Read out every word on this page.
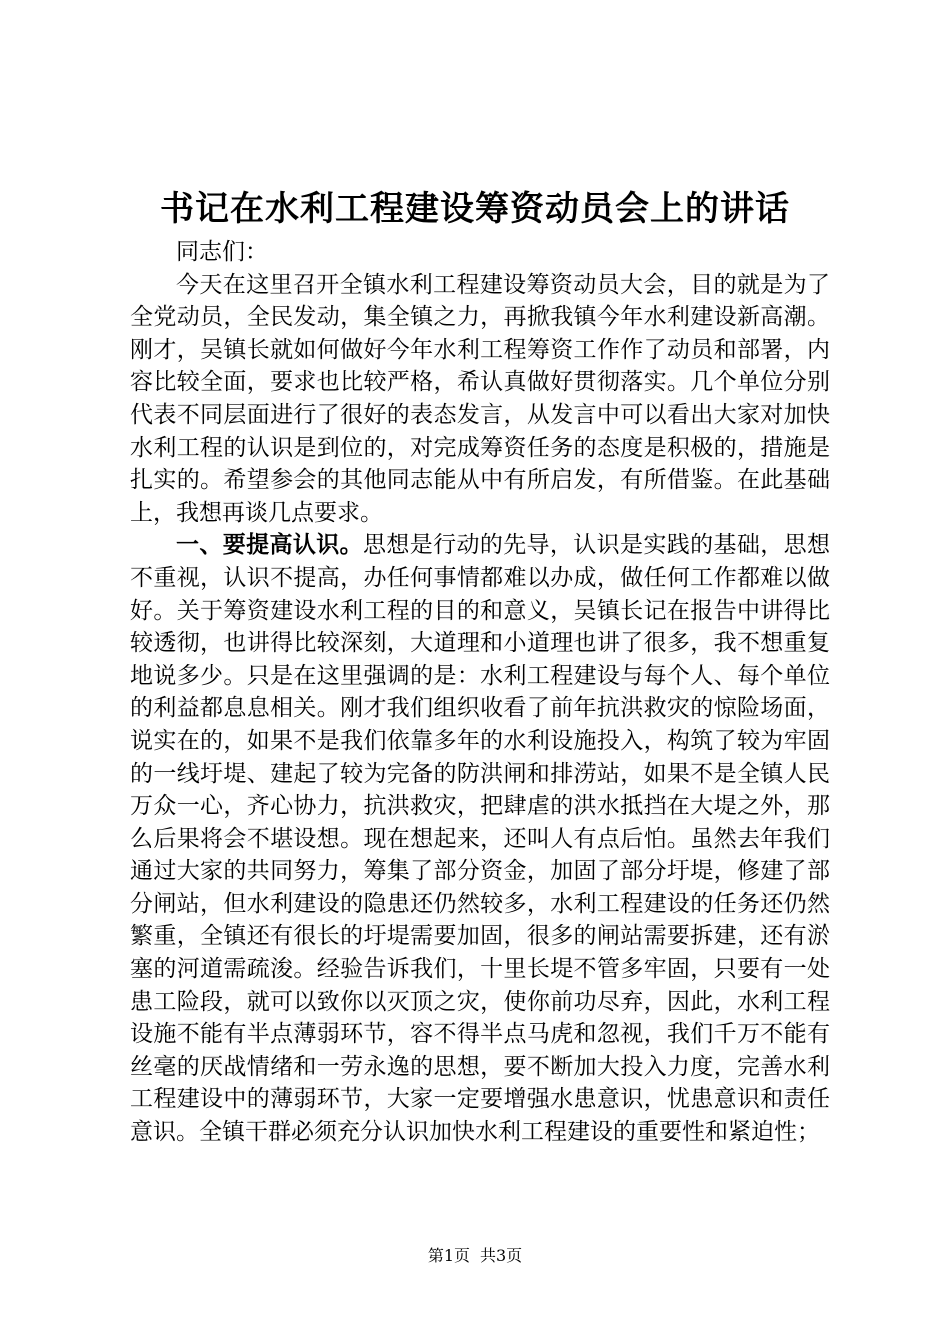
书记在水利工程建设筹资动员会上的讲话

同志们：

今天在这里召开全镇水利工程建设筹资动员大会，目的就是为了全党动员，全民发动，集全镇之力，再掀我镇今年水利建设新高潮。刚才，吴镇长就如何做好今年水利工程筹资工作作了动员和部署，内容比较全面，要求也比较严格，希认真做好贯彻落实。几个单位分别代表不同层面进行了很好的表态发言，从发言中可以看出大家对加快水利工程的认识是到位的，对完成筹资任务的态度是积极的，措施是扎实的。希望参会的其他同志能从中有所启发，有所借鉴。在此基础上，我想再谈几点要求。

一、要提高认识。思想是行动的先导，认识是实践的基础，思想不重视，认识不提高，办任何事情都难以办成，做任何工作都难以做好。关于筹资建设水利工程的目的和意义，吴镇长记在报告中讲得比较透彻，也讲得比较深刻，大道理和小道理也讲了很多，我不想重复地说多少。只是在这里强调的是：水利工程建设与每个人、每个单位的利益都息息相关。刚才我们组织收看了前年抗洪救灾的惊险场面，说实在的，如果不是我们依靠多年的水利设施投入，构筑了较为牢固的一线圩堤、建起了较为完备的防洪闸和排涝站，如果不是全镇人民万众一心，齐心协力，抗洪救灾，把肆虐的洪水抵挡在大堤之外，那么后果将会不堪设想。现在想起来，还叫人有点后怕。虽然去年我们通过大家的共同努力，筹集了部分资金，加固了部分圩堤，修建了部分闸站，但水利建设的隐患还仍然较多，水利工程建设的任务还仍然繁重，全镇还有很长的圩堤需要加固，很多的闸站需要拆建，还有淤塞的河道需疏浚。经验告诉我们，十里长堤不管多牢固，只要有一处患工险段，就可以致你以灭顶之灾，使你前功尽弃，因此，水利工程设施不能有半点薄弱环节，容不得半点马虎和忽视，我们千万不能有丝毫的厌战情绪和一劳永逸的思想，要不断加大投入力度，完善水利工程建设中的薄弱环节，大家一定要增强水患意识，忧患意识和责任意识。全镇干群必须充分认识加快水利工程建设的重要性和紧迫性；

第1页 共3页
